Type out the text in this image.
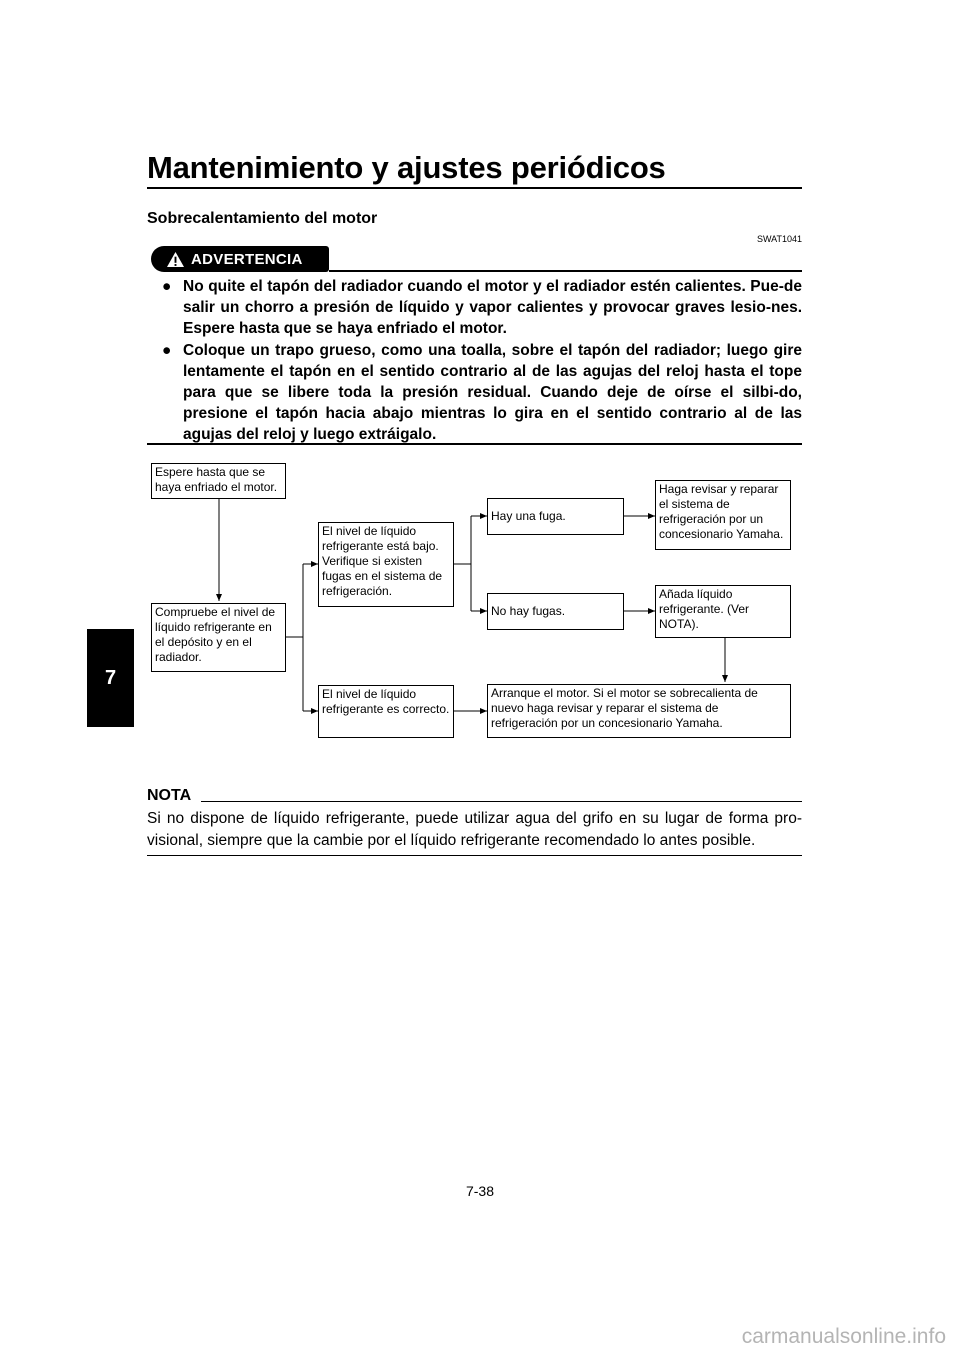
Mantenimiento y ajustes periódicos
7
Sobrecalentamiento del motor
SWAT1041
ADVERTENCIA
● No quite el tapón del radiador cuando el motor y el radiador estén calientes. Pue-de salir un chorro a presión de líquido y vapor calientes y provocar graves lesio-nes. Espere hasta que se haya enfriado el motor.
● Coloque un trapo grueso, como una toalla, sobre el tapón del radiador; luego gire lentamente el tapón en el sentido contrario al de las agujas del reloj hasta el tope para que se libere toda la presión residual. Cuando deje de oírse el silbi-do, presione el tapón hacia abajo mientras lo gira en el sentido contrario al de las agujas del reloj y luego extráigalo.
Espere hasta que se haya enfriado el motor.
Compruebe el nivel de líquido refrigerante en el depósito y en el radiador.
El nivel de líquido refrigerante está bajo. Verifique si existen fugas en el sistema de refrigeración.
El nivel de líquido refrigerante es correcto.
Hay una fuga.
No hay fugas.
Haga revisar y reparar el sistema de refrigeración por un concesionario Yamaha.
Añada líquido refrigerante. (Ver NOTA).
Arranque el motor. Si el motor se sobrecalienta de nuevo haga revisar y reparar el sistema de refrigeración por un concesionario Yamaha.
NOTA

Si no dispone de líquido refrigerante, puede utilizar agua del grifo en su lugar de forma pro-visional, siempre que la cambie por el líquido refrigerante recomendado lo antes posible.

7-38
carmanualsonline.info
